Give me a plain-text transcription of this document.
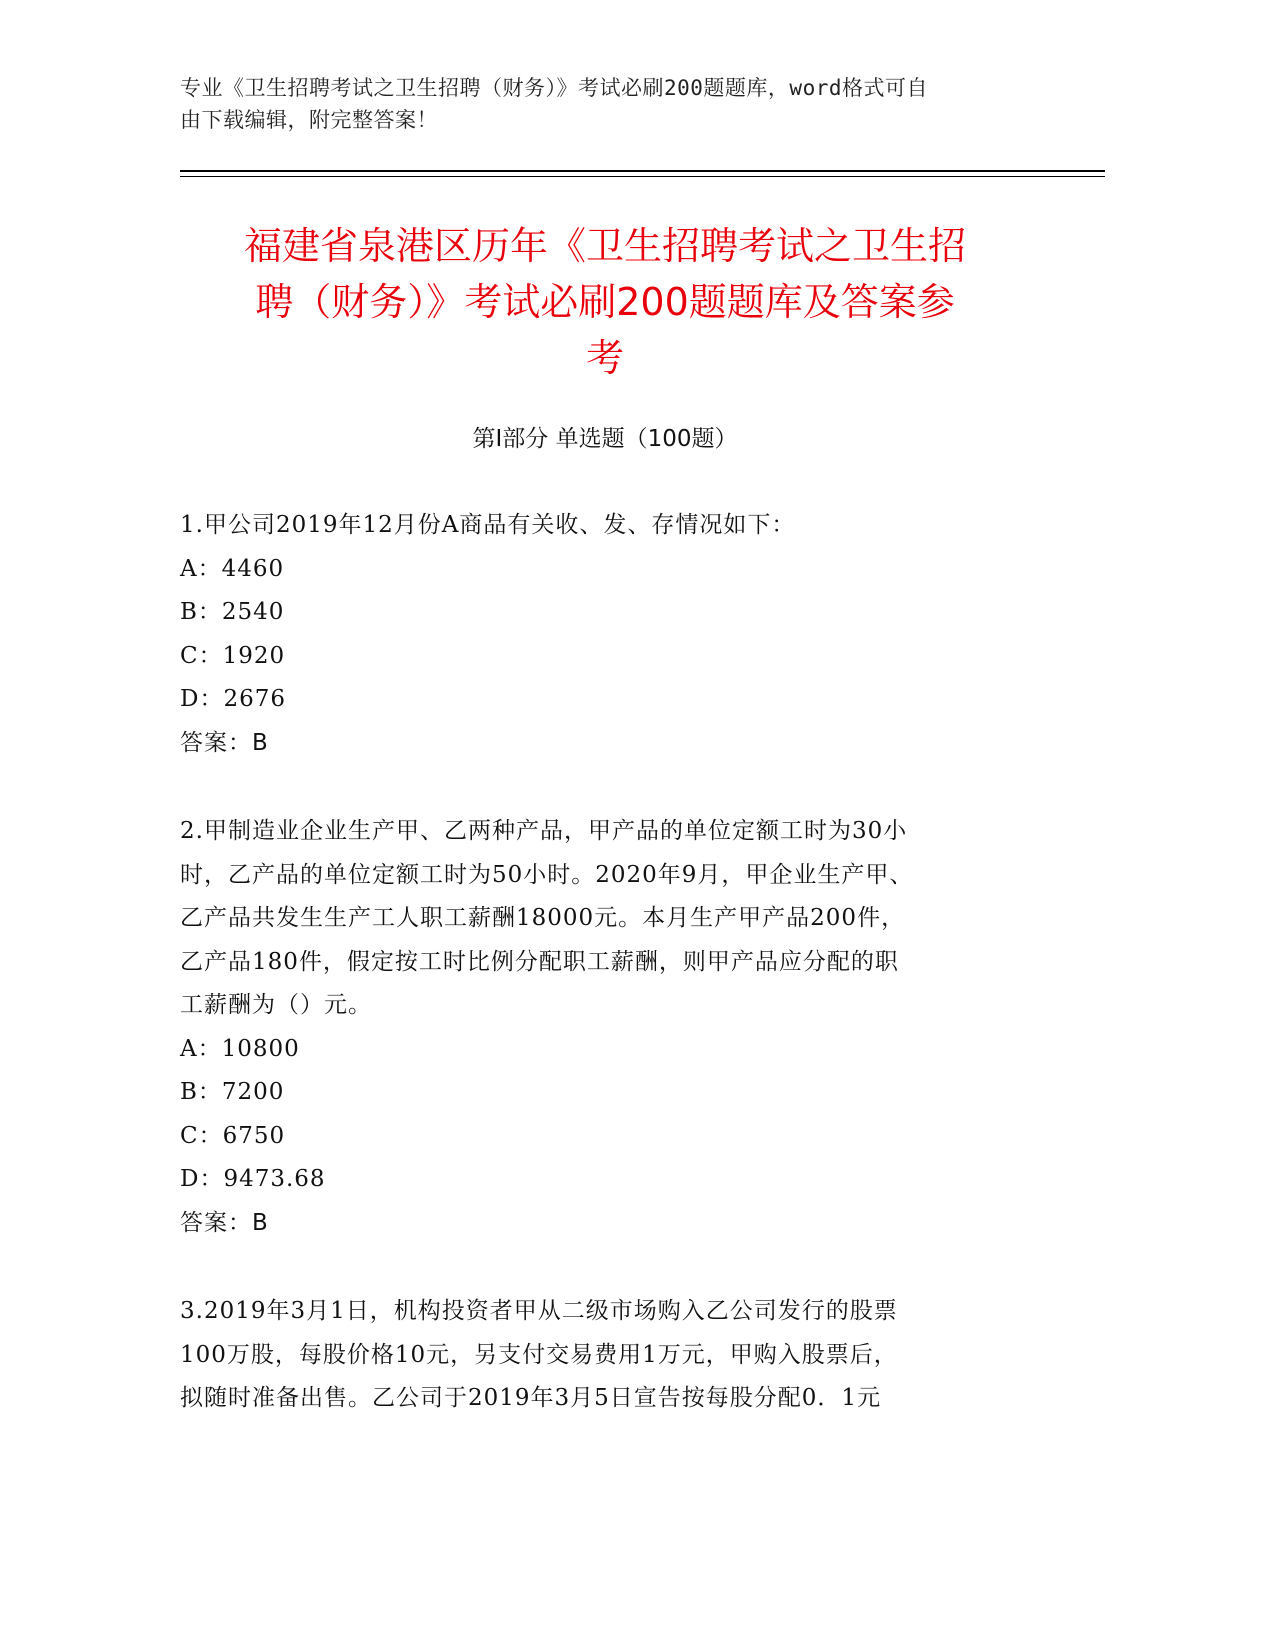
专业《卫生招聘考试之卫生招聘（财务）》考试必刷200题题库，word格式可自
由下载编辑，附完整答案！
福建省泉港区历年《卫生招聘考试之卫生招
聘（财务）》考试必刷200题题库及答案参
考
第Ⅰ部分 单选题（100题）
1.甲公司2019年12月份A商品有关收、发、存情况如下：
A：4460
B：2540
C：1920
D：2676
答案：B
2.甲制造业企业生产甲、乙两种产品，甲产品的单位定额工时为30小
时，乙产品的单位定额工时为50小时。2020年9月，甲企业生产甲、
乙产品共发生生产工人职工薪酬18000元。本月生产甲产品200件，
乙产品180件，假定按工时比例分配职工薪酬，则甲产品应分配的职
工薪酬为（）元。
A：10800
B：7200
C：6750
D：9473.68
答案：B
3.2019年3月1日，机构投资者甲从二级市场购入乙公司发行的股票
100万股，每股价格10元，另支付交易费用1万元，甲购入股票后，
拟随时准备出售。乙公司于2019年3月5日宣告按每股分配0．1元
